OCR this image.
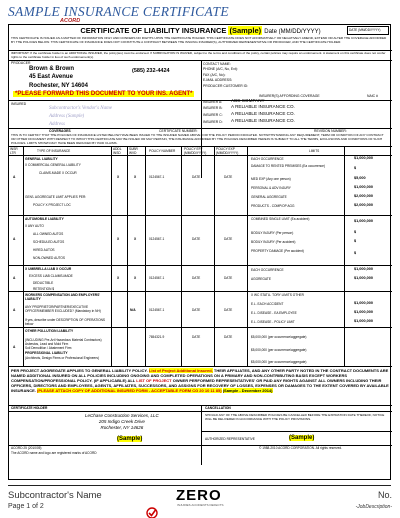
SAMPLE INSURANCE CERTIFICATE
ACORD
CERTIFICATE OF LIABILITY INSURANCE (Sample) Date (MM/DD/YYYY)	DATE (MM/DD/YYYY)
THIS CERTIFICATE IS ISSUED AS A MATTER OF INFORMATION ONLY AND CONFERS NO RIGHTS UPON THE CERTIFICATE HOLDER. THIS CERTIFICATE DOES NOT AFFIRMATIVELY OR NEGATIVELY AMEND, EXTEND OR ALTER THE COVERAGE AFFORDED BY THE POLICIES BELOW. THIS CERTIFICATE OF INSURANCE DOES NOT CONSTITUTE A CONTRACT BETWEEN THE ISSUING INSURER(S), AUTHORIZED REPRESENTATIVE OR PRODUCER, AND THE CERTIFICATE HOLDER.
IMPORTANT: If the certificate holder is an ADDITIONAL INSURED, the policy(ies) must be endorsed. If SUBROGATION IS WAIVED, subject to the terms and conditions of the policy, certain policies may require an endorsement. A statement on this certificate does not confer rights to the certificate holder in lieu of such endorsement(s).
PRODUCER
Brown & Brown
45 East Avenue
Rochester, NY 14604
(585) 232-4424
CONTACT NAME:
PHONE (A/C, No, Ext):
FAX (A/C, No):
E-MAIL ADDRESS:
PRODUCER CUSTOMER ID:
*PLEASE FORWARD THIS DOCUMENT TO YOUR INS. AGENT*
INSURED
Subcontractor's Vendor's Name
Address (Sample)
Address
INSURER(S) AFFORDING COVERAGE	NAIC #
INSURER A: ABC COMPANY
INSURER B: A RELIABLE INSURANCE CO.
INSURER C: A RELIABLE INSURANCE CO.
INSURER D: A RELIABLE INSURANCE CO.
COVERAGES	CERTIFICATE NUMBER:	REVISION NUMBER:
THIS IS TO CERTIFY THAT THE POLICIES OF INSURANCE LISTED BELOW HAVE BEEN ISSUED TO THE INSURED NAMED ABOVE FOR THE POLICY PERIOD INDICATED. NOTWITHSTANDING ANY REQUIREMENT, TERM OR CONDITION OF ANY CONTRACT OR OTHER DOCUMENT WITH RESPECT TO WHICH THIS CERTIFICATE MAY BE ISSUED OR MAY PERTAIN, THE INSURANCE AFFORDED BY THE POLICIES DESCRIBED HEREIN IS SUBJECT TO ALL THE TERMS, EXCLUSIONS AND CONDITIONS OF SUCH POLICIES. LIMITS SHOWN MAY HAVE BEEN REDUCED BY PAID CLAIMS.
INSR LTR
TYPE OF INSURANCE	ADDL INSD
SUBR WVD
POLICY NUMBER	POLICY EFF (MM/DD/YYYY)
POLICY EXP (MM/DD/YYYY)
LIMITS
A
GENERAL LIABILITY
X COMMERCIAL GENERAL LIABILITY
CLAIMS-MADE X OCCUR
GEN'L AGGREGATE LIMIT APPLIES PER:
POLICY X PROJECT LOC
X	X	0124567-1	DATE	DATE
EACH OCCURRENCE	$1,000,000
DAMAGE TO RENTED PREMISES (Ea occurrence)	$
MED EXP (Any one person)	$5,000
PERSONAL & ADV INJURY	$1,000,000
GENERAL AGGREGATE	$2,000,000
PRODUCTS - COMP/OP AGG	$2,000,000
A
AUTOMOBILE LIABILITY
X ANY AUTO
ALL OWNED AUTOS
SCHEDULED AUTOS
HIRED AUTOS
NON-OWNED AUTOS
X	X	0124567-1	DATE	DATE
COMBINED SINGLE LIMIT (Ea accident)	$1,000,000
BODILY INJURY (Per person)	$
BODILY INJURY (Per accident)	$
PROPERTY DAMAGE (Per accident)	$
A
X UMBRELLA LIAB X OCCUR
EXCESS LIAB CLAIMS-MADE
DEDUCTIBLE
RETENTION $
X	X	0124567-1	DATE	DATE
EACH OCCURRENCE	$1,000,000
AGGREGATE	$1,000,000
A
WORKERS COMPENSATION AND EMPLOYERS' LIABILITY
ANY PROPRIETOR/PARTNER/EXECUTIVE OFFICER/MEMBER EXCLUDED? (Mandatory in NH)
If yes, describe under DESCRIPTION OF OPERATIONS below
N/A	0124567-1	DATE	DATE
X WC STATU- TORY LIMITS OTHER
E.L. EACH ACCIDENT	$1,000,000
E.L. DISEASE - EA EMPLOYEE	$1,000,000
E.L. DISEASE - POLICY LIMIT	$1,000,000
A
OTHER POLLUTION LIABILITY
(INCLUDING Pre-Art Hazardous Material Contractors)
Asbestos, Lead and Mold Firm
Soil Demolition / Abatement Firm
PROFESSIONAL LIABILITY
(Architects, Design Firms or Professional Engineers)
7654321-9	DATE	DATE	$5,000,000 (per occurrence/aggregate)
$5,000,000 (per occurrence/aggregate)
$5,000,000 (per occurrence/aggregate)
PER PROJECT AGGREGATE APPLIES TO GENERAL LIABILITY POLICY. List of Project Additional Insured, THEIR AFFILIATES, AND ANY OTHER PARTY NOTED IN THE CONTRACT DOCUMENTS ARE NAMED ADDITIONAL INSURED ON ALL POLICIES INCLUDING ONGOING AND COMPLETED OPERATIONS ON A PRIMARY AND NON-CONTRIBUTING BASIS EXCEPT WORKERS COMPENSATION/PROFESSIONAL POLICY. (IF APPLICABLE) ALL LIST OF PROJECT OWNER PERFORMED REPRESENTATIVES' OR PAID ANY RIGHTS AGAINST ALL OWNERS INCLUDING THEIR OFFICERS, DIRECTORS AND EMPLOYEES, AGENTS, AFFILIATES, SUCCESSORS, AND ASSIGNS FOR RECOVERY OF LOSSES, EXPENSES OR DAMAGES TO THE EXTENT COVERED BY AVAILABLE INSURANCE. (PLEASE ATTACH COPY OF ADDITIONAL INSURED FORM - ACCEPTABLE FORM CG 20 10 11 85) (Sample - December 2014)
CERTIFICATE HOLDER	CANCELLATION
LeChase Construction Services, LLC
205 Indigo Creek Drive
Rochester, NY 14626
(Sample)
SHOULD ANY OF THE ABOVE DESCRIBED POLICIES BE CANCELLED BEFORE THE EXPIRATION DATE THEREOF, NOTICE WILL BE DELIVERED IN ACCORDANCE WITH THE POLICY PROVISIONS.
AUTHORIZED REPRESENTATIVE	(Sample)
ACORD 25 (2010/05)	© 1988-2010 ACORD CORPORATION. All rights reserved.
The ACORD name and logo are registered marks of ACORD
Subcontractor's Name
Page 1 of 2
ZERO
INJURIES ACCIDENTS DEFECTS
No.
-JobDescription-
